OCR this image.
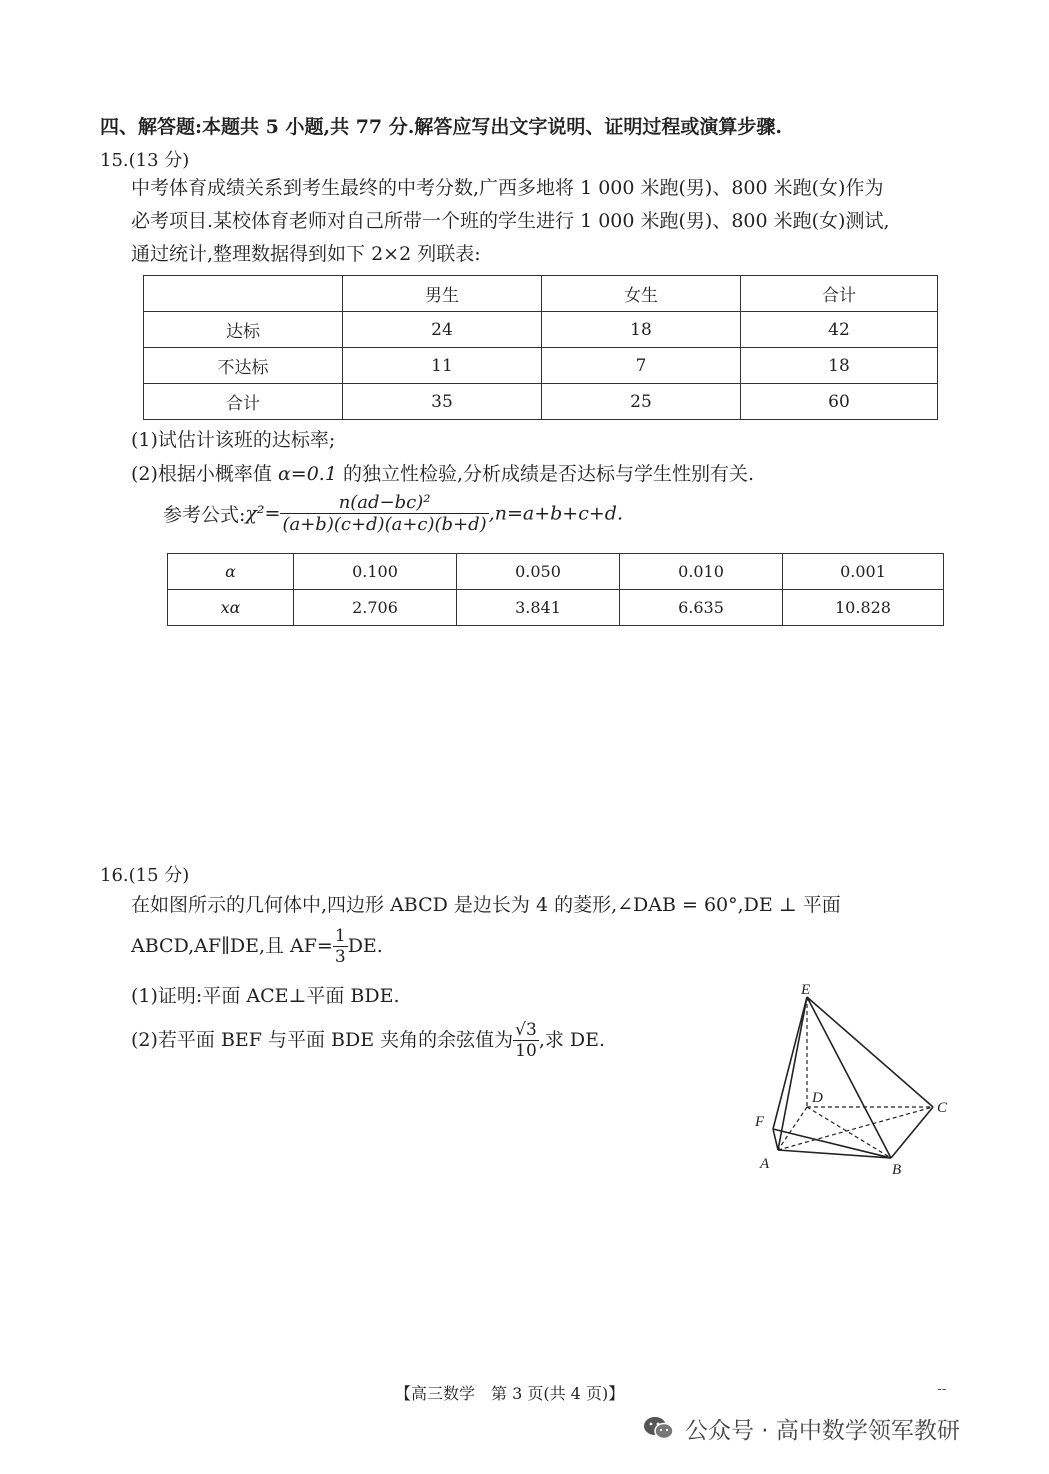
四、解答题:本题共 5 小题,共 77 分.解答应写出文字说明、证明过程或演算步骤.
15.(13 分)
中考体育成绩关系到考生最终的中考分数,广西多地将 1 000 米跑(男)、800 米跑(女)作为
必考项目.某校体育老师对自己所带一个班的学生进行 1 000 米跑(男)、800 米跑(女)测试,
通过统计,整理数据得到如下 2×2 列联表:
	男生	女生	合计
达标	24	18	42
不达标	11	7	18
合计	35	25	60
(1)试估计该班的达标率;
(2)根据小概率值 α=0.1 的独立性检验,分析成绩是否达标与学生性别有关.
参考公式:χ²= $\frac{\text{n(ad−bc)²}}{(a+b)(c+d)(a+c)(b+d)} ,n=a+b+c+d$.
α	0.100	0.050	0.010	0.001
xα	2.706	3.841	6.635	10.828
16.(15 分)
在如图所示的几何体中,四边形 ABCD 是边长为 4 的菱形,∠DAB = 60°,DE ⊥ 平面
ABCD,AF∥DE,且 $AF= \frac{1}{3}$ DE.
(1)证明:平面 ACE⊥平面 BDE.
(2)若平面 BEF 与平面 BDE 夹角的余弦值为 $\frac{√3}{10}$ ,求 DE.
E
D
C
F
A	B
【高三数学　第 3 页(共 4 页)】	--
公众号 · 高中数学领军教研
